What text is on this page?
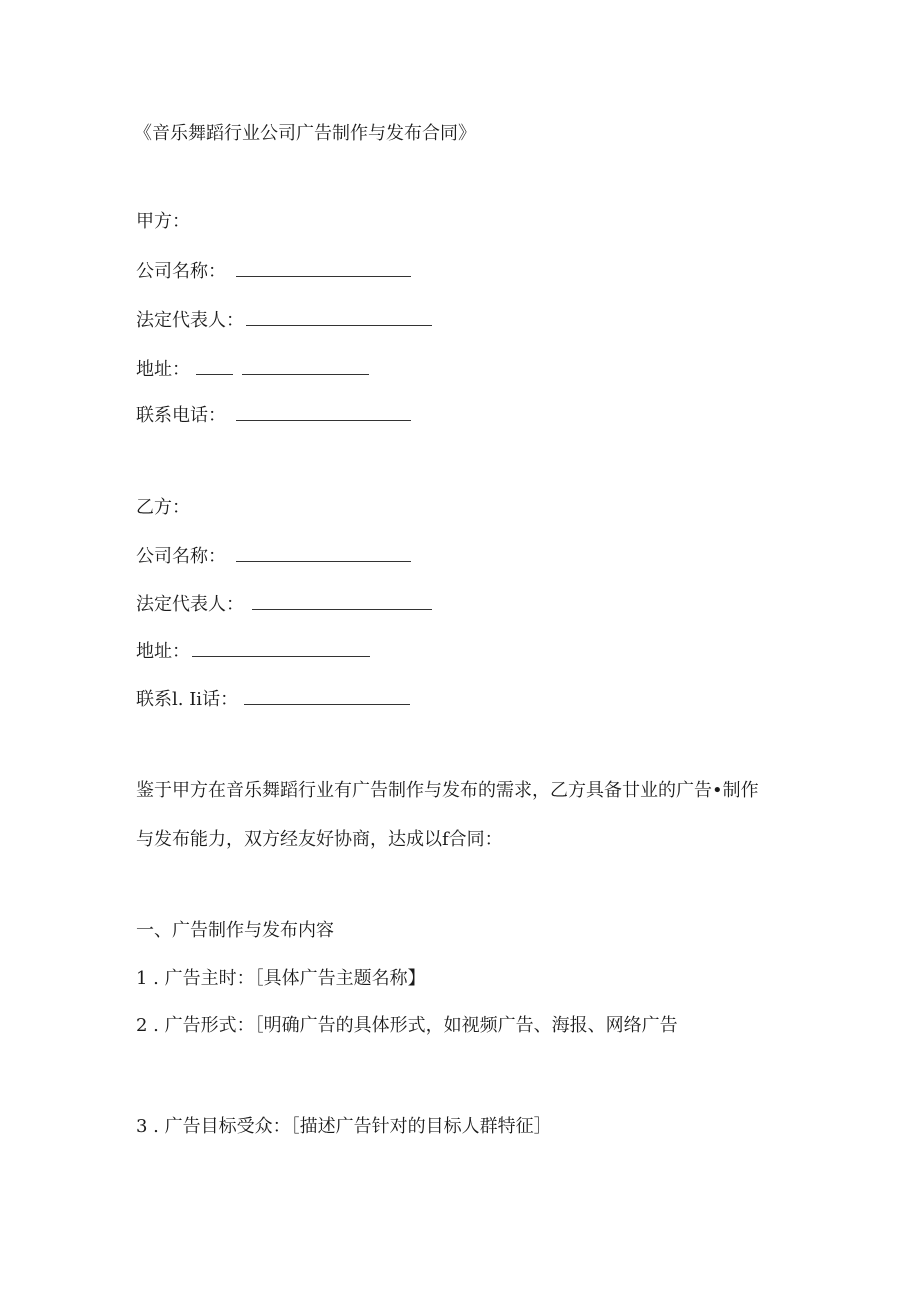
《音乐舞蹈行业公司广告制作与发布合同》
甲方：
公司名称：
法定代表人：
地址：
联系电话：
乙方：
公司名称：
法定代表人：
地址：
联系l. Ii话：
鉴于甲方在音乐舞蹈行业有广告制作与发布的需求，乙方具备廿业的广告•制作
与发布能力，双方经友好协商，达成以f合同：
一、广告制作与发布内容
1 . 广告主时：［具体广告主题名称】
2 . 广告形式：［明确广告的具体形式，如视频广告、海报、网络广告
3 . 广告目标受众：［描述广告针对的目标人群特征］
